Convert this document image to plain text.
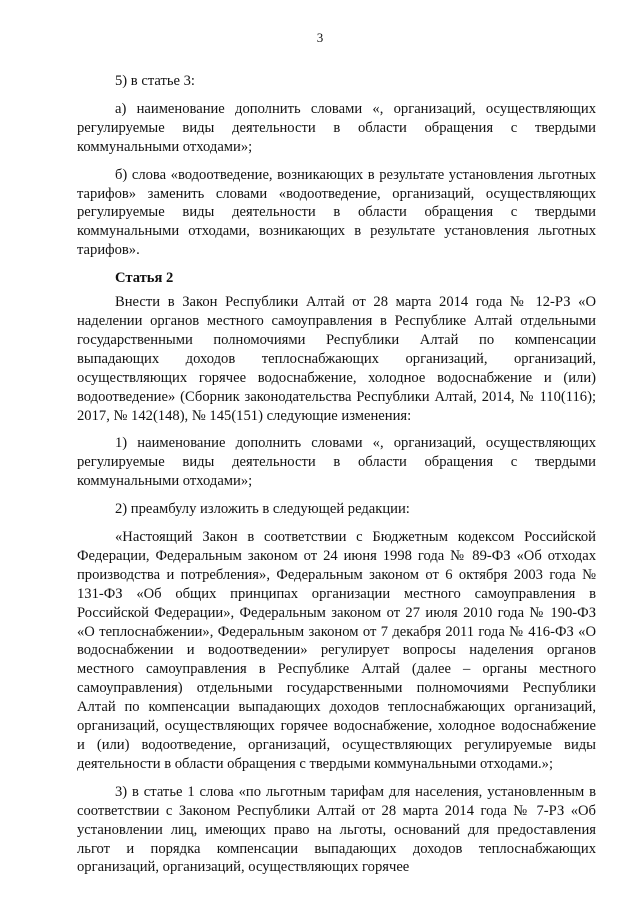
3

5) в статье 3:

а) наименование дополнить словами «, организаций, осуществляющих регулируемые виды деятельности в области обращения с твердыми коммунальными отходами»;

б) слова «водоотведение, возникающих в результате установления льготных тарифов» заменить словами «водоотведение, организаций, осуществляющих регулируемые виды деятельности в области обращения с твердыми коммунальными отходами, возникающих в результате установления льготных тарифов».

Статья 2

Внести в Закон Республики Алтай от 28 марта 2014 года № 12-РЗ «О наделении органов местного самоуправления в Республике Алтай отдельными государственными полномочиями Республики Алтай по компенсации выпадающих доходов теплоснабжающих организаций, организаций, осуществляющих горячее водоснабжение, холодное водоснабжение и (или) водоотведение» (Сборник законодательства Республики Алтай, 2014, № 110(116); 2017, № 142(148), № 145(151) следующие изменения:

1) наименование дополнить словами «, организаций, осуществляющих регулируемые виды деятельности в области обращения с твердыми коммунальными отходами»;

2) преамбулу изложить в следующей редакции:

«Настоящий Закон в соответствии с Бюджетным кодексом Российской Федерации, Федеральным законом от 24 июня 1998 года № 89-ФЗ «Об отходах производства и потребления», Федеральным законом от 6 октября 2003 года № 131-ФЗ «Об общих принципах организации местного самоуправления в Российской Федерации», Федеральным законом от 27 июля 2010 года № 190-ФЗ «О теплоснабжении», Федеральным законом от 7 декабря 2011 года № 416-ФЗ «О водоснабжении и водоотведении» регулирует вопросы наделения органов местного самоуправления в Республике Алтай (далее – органы местного самоуправления) отдельными государственными полномочиями Республики Алтай по компенсации выпадающих доходов теплоснабжающих организаций, организаций, осуществляющих горячее водоснабжение, холодное водоснабжение и (или) водоотведение, организаций, осуществляющих регулируемые виды деятельности в области обращения с твердыми коммунальными отходами.»;

3) в статье 1 слова «по льготным тарифам для населения, установленным в соответствии с Законом Республики Алтай от 28 марта 2014 года № 7-РЗ «Об установлении лиц, имеющих право на льготы, оснований для предоставления льгот и порядка компенсации выпадающих доходов теплоснабжающих организаций, организаций, осуществляющих горячее
